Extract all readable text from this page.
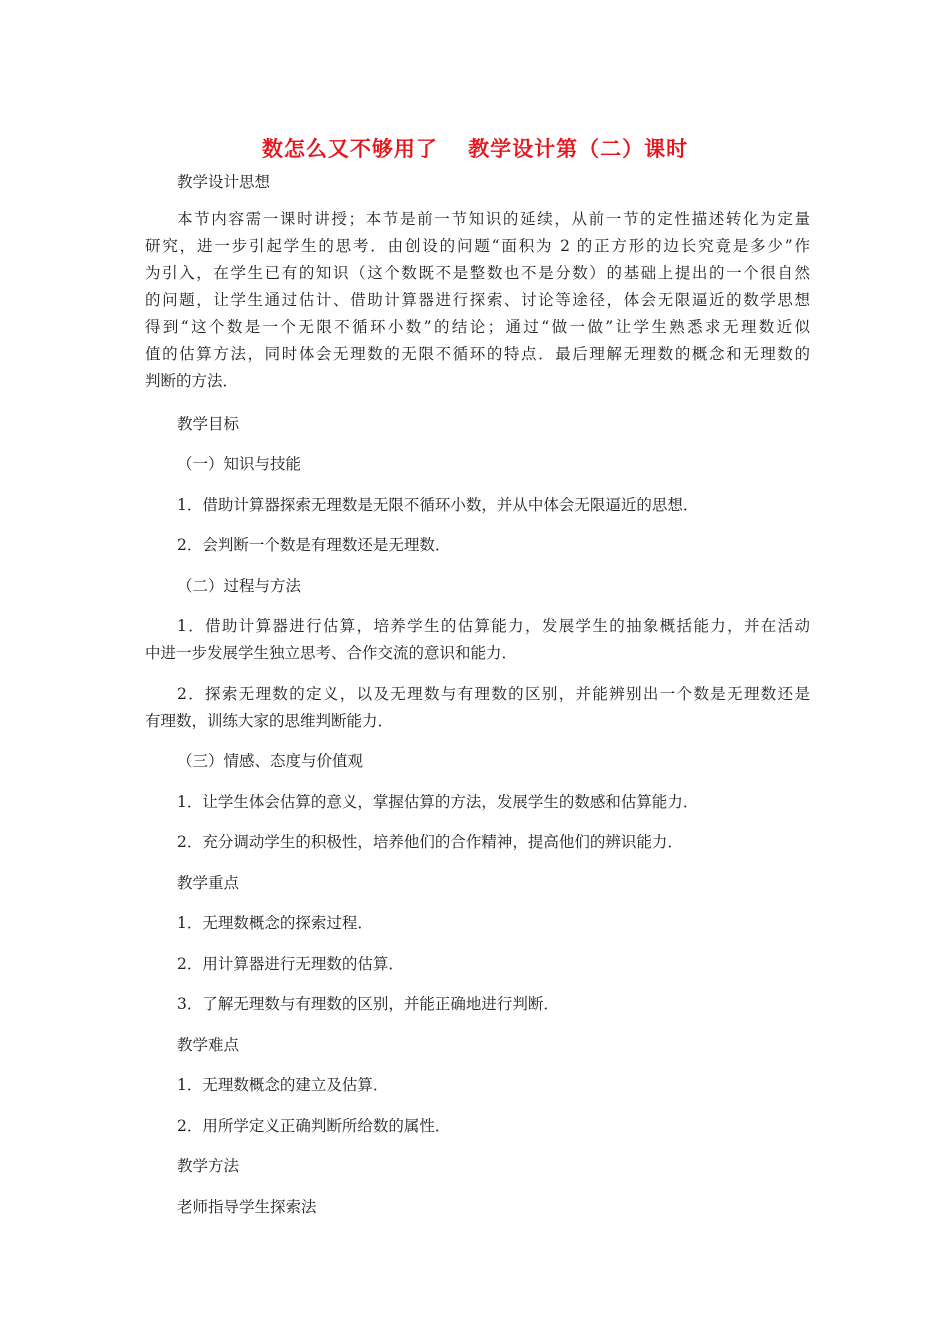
数怎么又不够用了　 教学设计第（二）课时
教学设计思想
本节内容需一课时讲授；本节是前一节知识的延续，从前一节的定性描述转化为定量
研究，进一步引起学生的思考．由创设的问题“面积为 2 的正方形的边长究竟是多少”作
为引入，在学生已有的知识（这个数既不是整数也不是分数）的基础上提出的一个很自然
的问题，让学生通过估计、借助计算器进行探索、讨论等途径，体会无限逼近的数学思想
得到“这个数是一个无限不循环小数”的结论；通过“做一做”让学生熟悉求无理数近似
值的估算方法，同时体会无理数的无限不循环的特点．最后理解无理数的概念和无理数的
判断的方法．
教学目标
（一）知识与技能
1．借助计算器探索无理数是无限不循环小数，并从中体会无限逼近的思想．
2．会判断一个数是有理数还是无理数．
（二）过程与方法
1．借助计算器进行估算，培养学生的估算能力，发展学生的抽象概括能力，并在活动
中进一步发展学生独立思考、合作交流的意识和能力．
2．探索无理数的定义，以及无理数与有理数的区别，并能辨别出一个数是无理数还是
有理数，训练大家的思维判断能力．
（三）情感、态度与价值观
1．让学生体会估算的意义，掌握估算的方法，发展学生的数感和估算能力．
2．充分调动学生的积极性，培养他们的合作精神，提高他们的辨识能力．
教学重点
1．无理数概念的探索过程．
2．用计算器进行无理数的估算．
3．了解无理数与有理数的区别，并能正确地进行判断．
教学难点
1．无理数概念的建立及估算．
2．用所学定义正确判断所给数的属性．
教学方法
老师指导学生探索法
